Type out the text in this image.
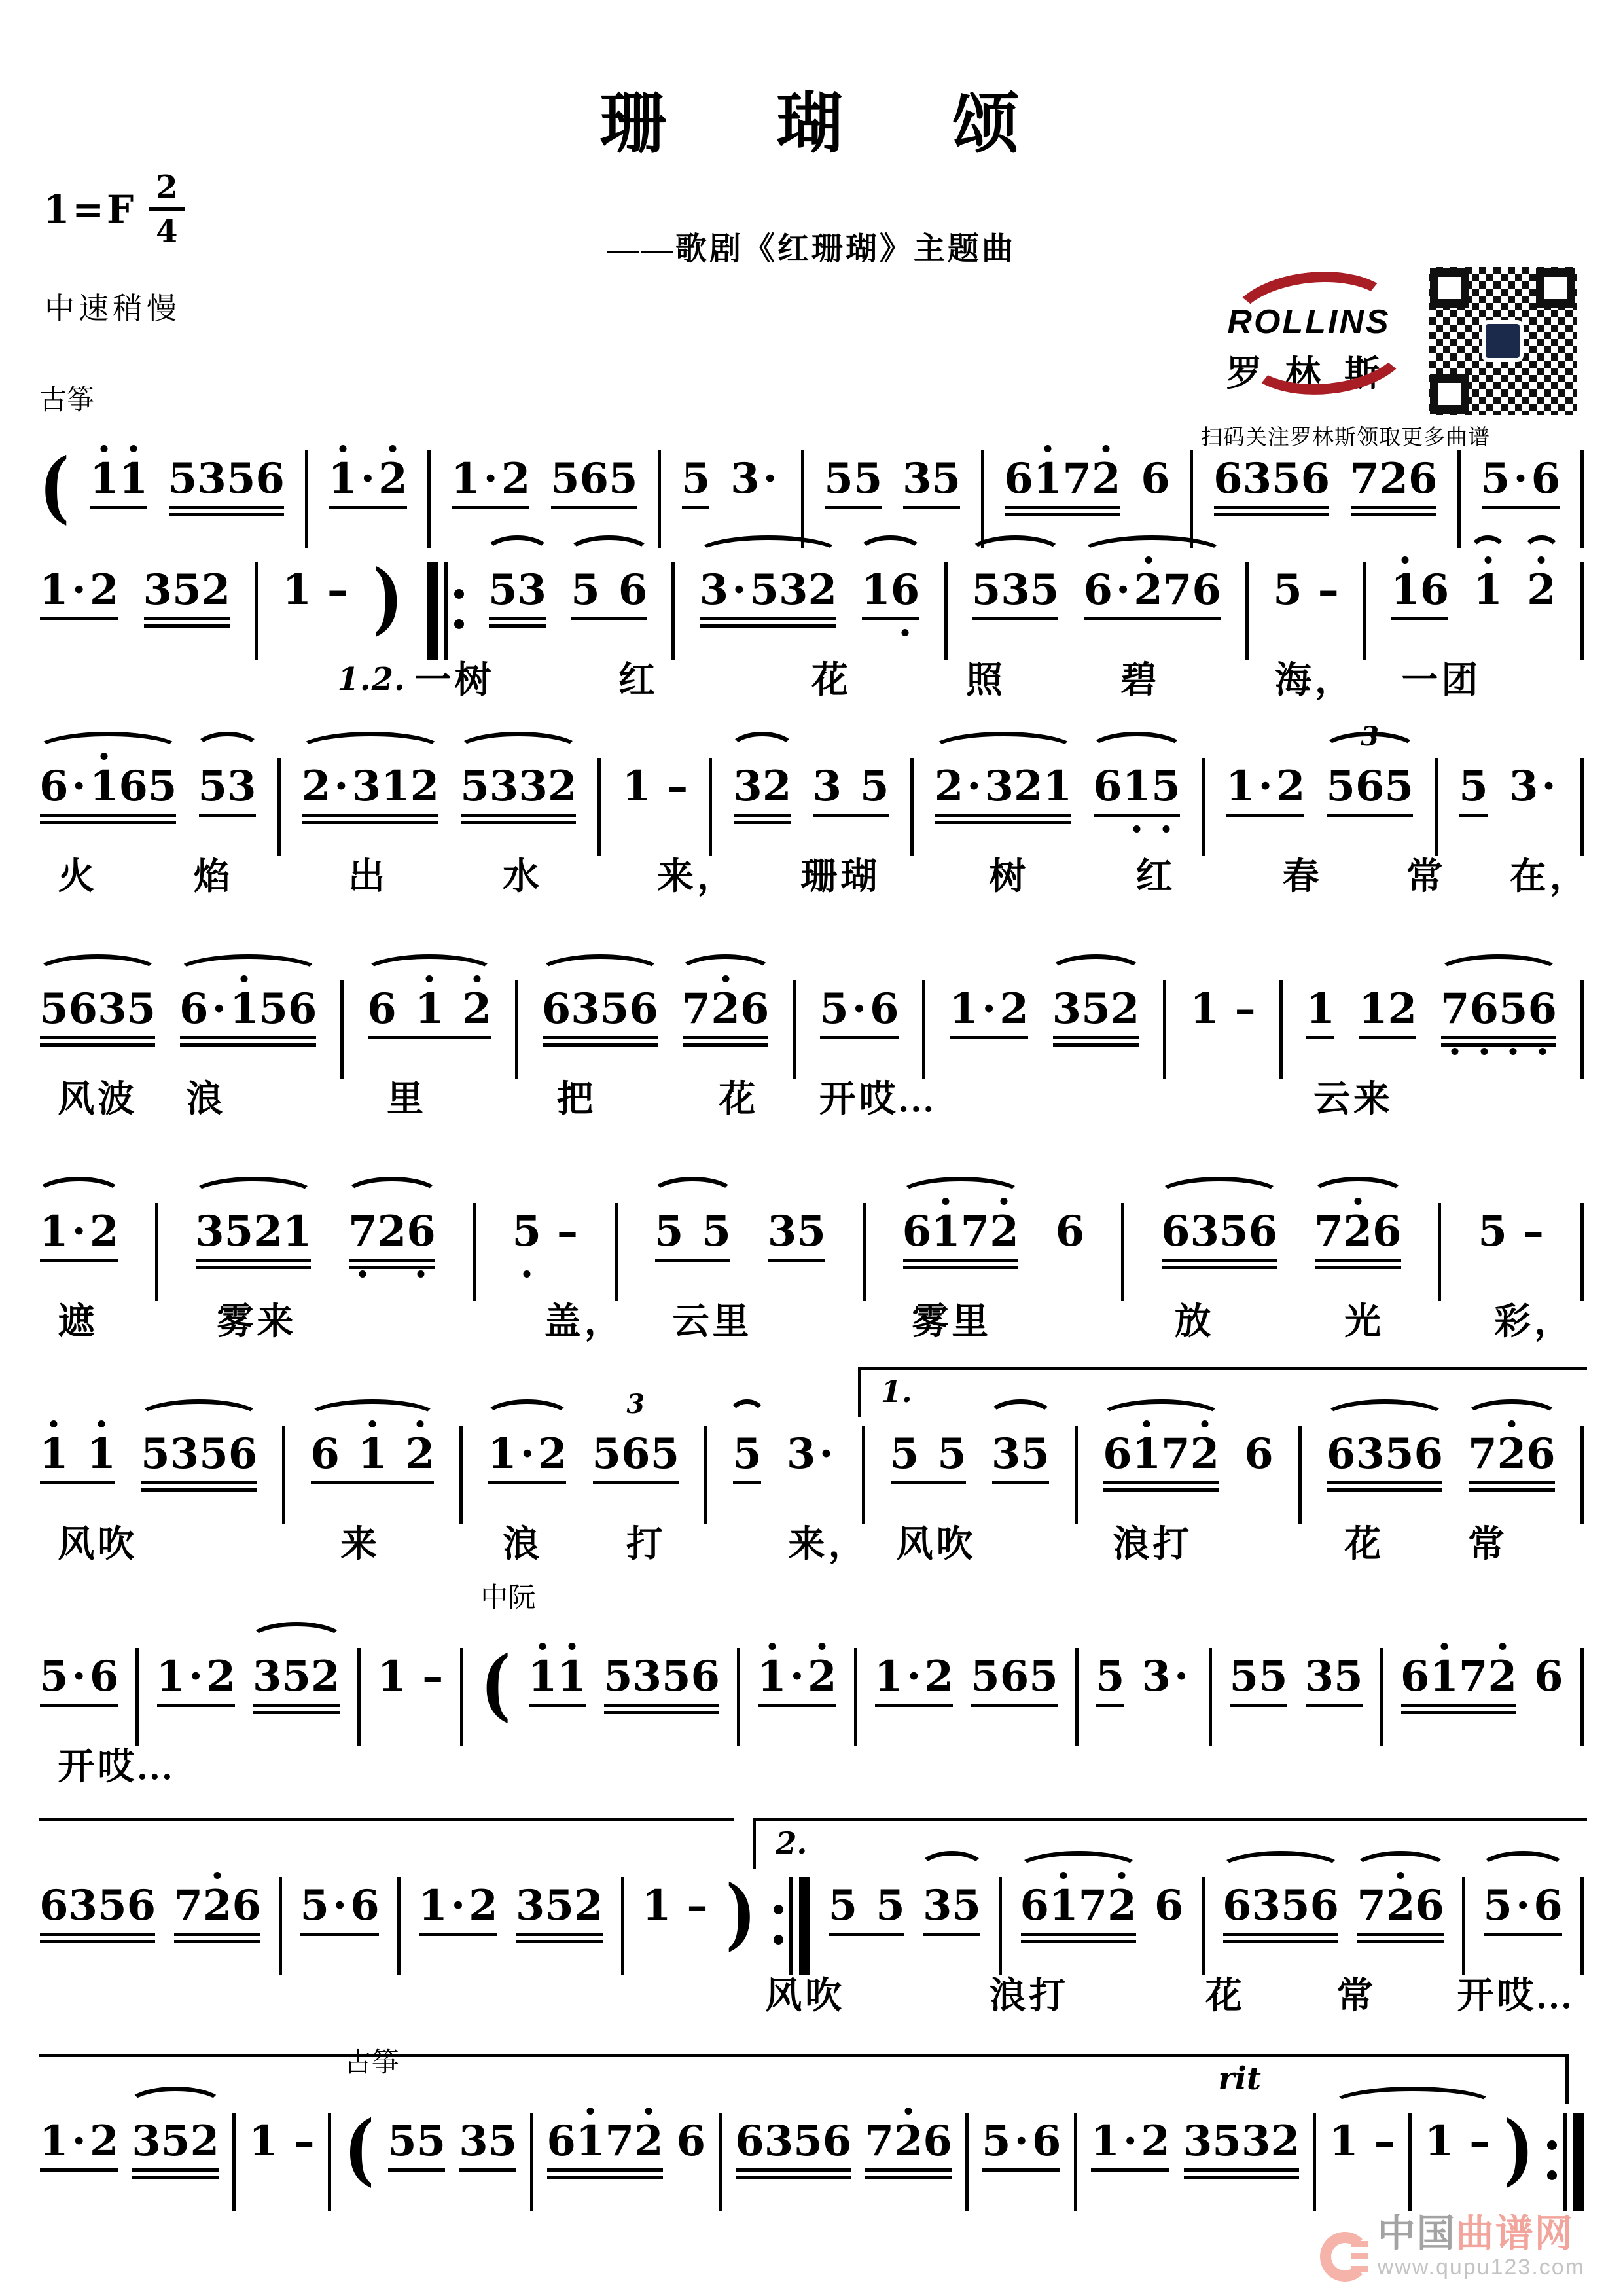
珊 瑚 颂
——歌剧《红珊瑚》主题曲
$1=F \frac{2}{4}$
中速稍慢	ROLLINS
罗林斯
扫码关注罗林斯领取更多曲谱
(
古筝
1 1 5 3 5 6 1 · 2 1 · 2 5 6 5 5 3 · 5 5 3 5 6 1 7 2 6 6 3 5 6 7 2 6 5 · 6
1 · 2 3 5 2 1 – ) 5 3 5 6 3 · 5 3 2 1 6 5 3 5 6 · 2 7 6 5 – 1 6 1 2
1.2. 一树	红	花	照	碧	海， 一团
6 · 1 6 5 5 3 2 · 3 1 2 5 3 3 2 1 – 3 2 3 5 2 · 3 2 1 6 1 5 1 · 2 5 6 5
3
5 3 ·
火	焰	出	水	来， 珊瑚	树	红	春 常 在，
5 6 3 5 6 · 1 5 6 6 1 2 6 3 5 6 7 2 6 5 · 6 1 · 2 3 5 2 1 – 1 1 2 7 6 5 6
风波 浪	里	把	花 开哎...	云来
1 · 2 3 5 2 1 7 2 6 5 – 5 5 3 5 6 1 7 2 6 6 3 5 6 7 2 6 5 –
遮	雾来	盖， 云里	雾里	放	光	彩，
1.
1 1 5 3 5 6 6 1 2 1 · 2 5 6 5
3
5 3 · 5 5 3 5 6 1 7 2 6 6 3 5 6 7 2 6
风吹	来	浪 打	来， 风吹	浪打	花 常
5 · 6 1 · 2 3 5 2 1 – (
中阮
1 1 5 3 5 6 1 · 2 1 · 2 5 6 5 5 3 · 5 5 3 5 6 1 7 2 6
开哎...
2.
6 3 5 6 7 2 6 5 · 6 1 · 2 3 5 2 1 – ) 5 5 3 5 6 1 7 2 6 6 3 5 6 7 2 6 5 · 6
风吹	浪打	花 常 开哎...
1 · 2 3 5 2 1 – (
古筝
5 5 3 5 6 1 7 2 6 6 3 5 6 7 2 6 5 · 6 1 · 2 3 5 3 2
rit
1 – 1 – )
中国曲谱网
www.qupu123.com
